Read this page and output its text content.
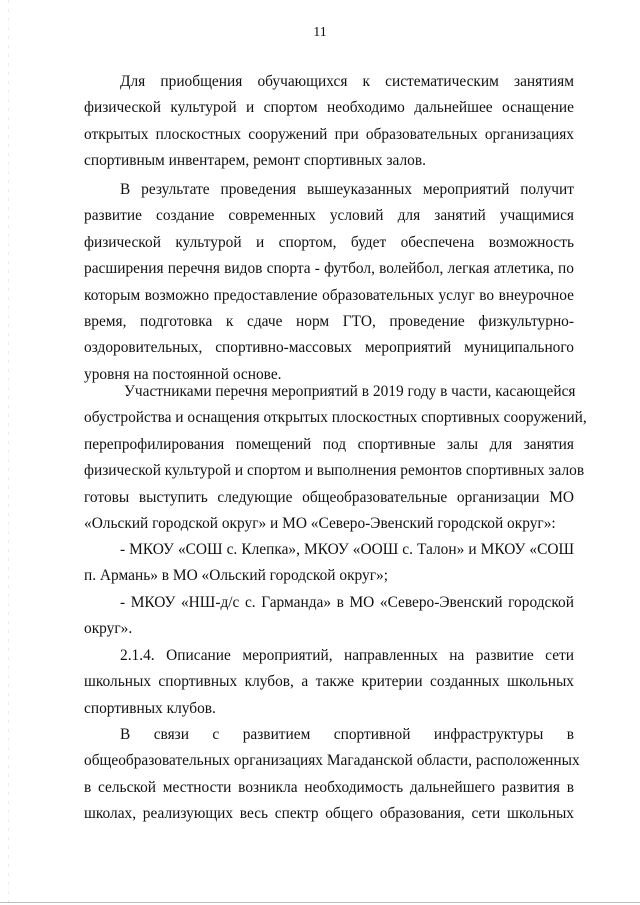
11
Для приобщения обучающихся к систематическим занятиям
физической культурой и спортом необходимо дальнейшее оснащение
открытых плоскостных сооружений при образовательных организациях
спортивным инвентарем, ремонт спортивных залов.
В результате проведения вышеуказанных мероприятий получит
развитие создание современных условий для занятий учащимися
физической культурой и спортом, будет обеспечена возможность
расширения перечня видов спорта - футбол, волейбол, легкая атлетика, по
которым возможно предоставление образовательных услуг во внеурочное
время, подготовка к сдаче норм ГТО, проведение физкультурно-
оздоровительных, спортивно-массовых мероприятий муниципального
уровня на постоянной основе.
Участниками перечня мероприятий в 2019 году в части, касающейся
обустройства и оснащения открытых плоскостных спортивных сооружений,
перепрофилирования помещений под спортивные залы для занятия
физической культурой и спортом и выполнения ремонтов спортивных залов
готовы выступить следующие общеобразовательные организации МО
«Ольский городской округ» и МО «Северо-Эвенский городской округ»:
- МКОУ «СОШ с. Клепка», МКОУ «ООШ с. Талон» и МКОУ «СОШ
п. Армань» в МО «Ольский городской округ»;
- МКОУ «НШ-д/с с. Гарманда» в МО «Северо-Эвенский городской
округ».
2.1.4. Описание мероприятий, направленных на развитие сети
школьных спортивных клубов, а также критерии созданных школьных
спортивных клубов.
В связи с развитием спортивной инфраструктуры в
общеобразовательных организациях Магаданской области, расположенных
в сельской местности возникла необходимость дальнейшего развития в
школах, реализующих весь спектр общего образования, сети школьных
